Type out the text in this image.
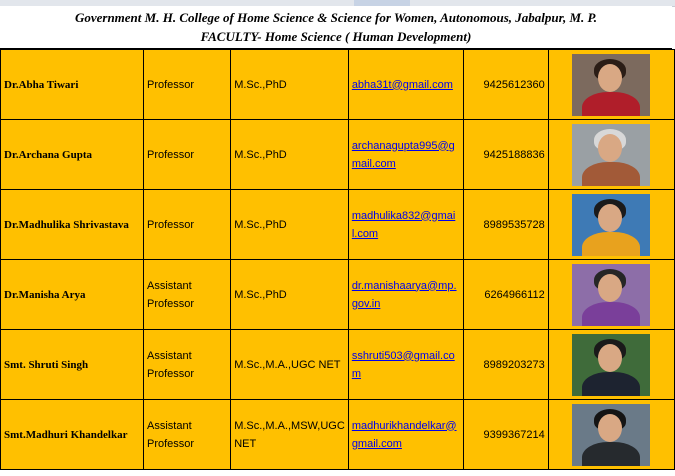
Government M. H. College of Home Science & Science for Women, Autonomous, Jabalpur, M. P.
FACULTY- Home Science ( Human Development)
Dr.Abha Tiwari	Professor	M.Sc.,PhD	abha31t@gmail.com	9425612360	

Dr.Archana Gupta	Professor	M.Sc.,PhD	archanagupta995@gmail.com	9425188836	

Dr.Madhulika Shrivastava	Professor	M.Sc.,PhD	madhulika832@gmail.com	8989535728	

Dr.Manisha Arya	Assistant Professor	M.Sc.,PhD	dr.manishaarya@mp.gov.in	6264966112	

Smt. Shruti Singh	Assistant Professor	M.Sc.,M.A.,UGC NET	sshruti503@gmail.com	8989203273	

Smt.Madhuri Khandelkar	Assistant Professor	M.Sc.,M.A.,MSW,UGC NET	madhurikhandelkar@gmail.com	9399367214	
